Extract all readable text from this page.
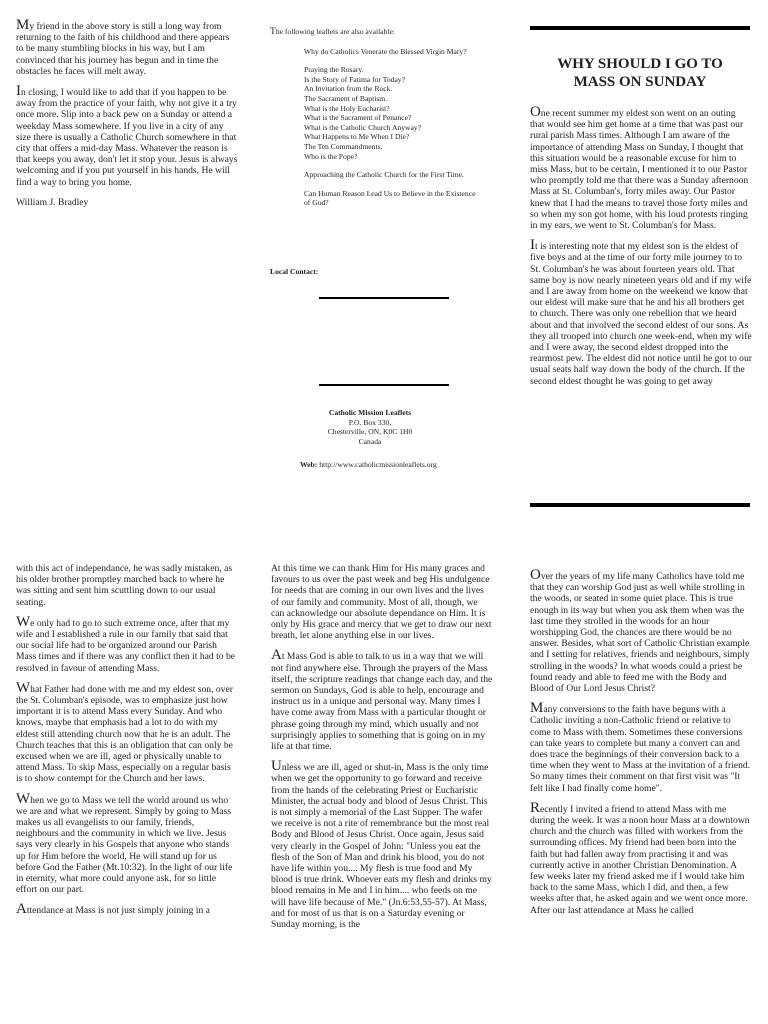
My friend in the above story is still a long way from returning to the faith of his childhood and there appears to be many stumbling blocks in his way, but I am convinced that his journey has begun and in time the obstacles he faces will melt away.

In closing, I would like to add that if you happen to be away from the practice of your faith, why not give it a try once more. Slip into a back pew on a Sunday or attend a weekday Mass somewhere. If you live in a city of any size there is usually a Catholic Church somewhere in that city that offers a mid-day Mass. Whatever the reason is that keeps you away, don't let it stop your. Jesus is always welcoming and if you put yourself in his hands, He will find a way to bring you home.

William J. Bradley

The following leaflets are also available:

Why do Catholics Venerate the Blessed Virgin Mary?

Praying the Rosary.

Is the Story of Fatima for Today?

An Invitation from the Rock.

The Sacrament of Baptism.

What is the Holy Eucharist?

What is the Sacrament of Penance?

What is the Catholic Church Anyway?

What Happens to Me When I Die?

The Ten Commandments.

Who is the Pope?

Approaching the Catholic Church for the First Time.

Can Human Reason Lead Us to Believe in the Existence of God?

Local Contact:

Catholic Mission Leaflets

P.O. Box 330,

Chesterville, ON, K0C 1H0

Canada

Web: http://www.catholicmissionleaflets.org
WHY SHOULD I GO TO MASS ON SUNDAY

One recent summer my eldest son went on an outing that would see him get home at a time that was past our rural parish Mass times. Although I am aware of the importance of attending Mass on Sunday, I thought that this situation would be a reasonable excuse for him to miss Mass, but to be certain, I mentioned it to our Pastor who promptly told me that there was a Sunday afternoon Mass at St. Columban's, forty miles away. Our Pastor knew that I had the means to travel those forty miles and so when my son got home, with his loud protests ringing in my ears, we went to St. Columban's for Mass.

It is interesting note that my eldest son is the eldest of five boys and at the time of our forty mile journey to to St. Columban's he was about fourteen years old. That same boy is now nearly nineteen years old and if my wife and I are away from home on the weekend we know that our eldest will make sure that he and his all brothers get to church. There was only one rebellion that we heard about and that involved the second eldest of our sons. As they all trooped into church one week-end, when my wife and I were away, the second eldest dropped into the rearmost pew. The eldest did not notice until he got to our usual seats half way down the body of the church. If the second eldest thought he was going to get away

with this act of independance, he was sadly mistaken, as his older brother promptley marched back to where he was sitting and sent him scuttling down to our usual seating.

We only had to go to such extreme once, after that my wife and I established a rule in our family that said that our social life had to be organized around our Parish Mass times and if there was any conflict then it had to be resolved in favour of attending Mass.

What Father had done with me and my eldest son, over the St. Columban's episode, was to emphasize just how important it is to attend Mass every Sunday. And who knows, maybe that emphasis had a lot to do with my eldest still attending church now that he is an adult. The Church teaches that this is an obligation that can only be excused when we are ill, aged or physically unable to attend Mass. To skip Mass, especially on a regular basis is to show contempt for the Church and her laws.

When we go to Mass we tell the world around us who we are and what we represent. Simply by going to Mass makes us all evangelists to our family, friends, neighbours and the community in which we live. Jesus says very clearly in his Gospels that anyone who stands up for Him before the world, He will stand up for us before God the Father (Mt.10:32). In the light of our life in eternity, what more could anyone ask, for so little effort on our part.

Attendance at Mass is not just simply joining in a

At this time we can thank Him for His many graces and favours to us over the past week and beg His undulgence for needs that are coming in our own lives and the lives of our family and community. Most of all, though, we can acknowledge our absolute dependance on Him. It is only by His grace and mercy that we get to draw our next breath, let alone anything else in our lives.

At Mass God is able to talk to us in a way that we will not find anywhere else. Through the prayers of the Mass itself, the scripture readings that change each day, and the sermon on Sundays, God is able to help, encourage and instruct us in a unique and personal way. Many times I have come away from Mass with a particular thought or phrase going through my mind, which usually and not surprisingly applies to something that is going on in my life at that time.

Unless we are ill, aged or shut-in, Mass is the only time when we get the opportunity to go forward and receive from the hands of the celebrating Priest or Eucharistic Minister, the actual body and blood of Jesus Christ. This is not simply a memorial of the Last Supper. The wafer we receive is not a rite of remembrance but the most real Body and Blood of Jesus Christ. Once again, Jesus said very clearly in the Gospel of John: "Unless you eat the flesh of the Son of Man and drink his blood, you do not have life within you.... My flesh is true food and My blood is true drink. Whoever eats my flesh and drinks my blood remains in Me and I in him.... who feeds on me will have life because of Me." (Jn.6:53,55-57). At Mass, and for most of us that is on a Saturday evening or Sunday morning, is the

Over the years of my life many Catholics have told me that they can worship God just as well while strolling in the woods, or seated in some quiet place. This is true enough in its way but when you ask them when was the last time they strolled in the woods for an hour worshipping God, the chances are there would be no answer. Besides, what sort of Catholic Christian example and I setting for relatives, friends and neighbours, simply strolling in the woods? In what woods could a priest be found ready and able to feed me with the Body and Blood of Our Lord Jesus Christ?

Many conversions to the faith have beguns with a Catholic inviting a non-Catholic friend or relative to come to Mass with them. Sometimes these conversions can take years to complete but many a convert can and does trace the beginnings of their conversion back to a time when they went to Mass at the invitation of a friend. So many times their comment on that first visit was "It felt like I had finally come home".

Recently I invited a friend to attend Mass with me during the week. It was a noon hour Mass at a downtown church and the church was filled with workers from the surrounding offices. My friend had been born into the faith but had fallen away from practising it and was currently active in another Christian Denomination. A few weeks later my friend asked me if I would take him back to the same Mass, which I did, and then, a few weeks after that, he asked again and we went once more. After our last attendance at Mass he called
